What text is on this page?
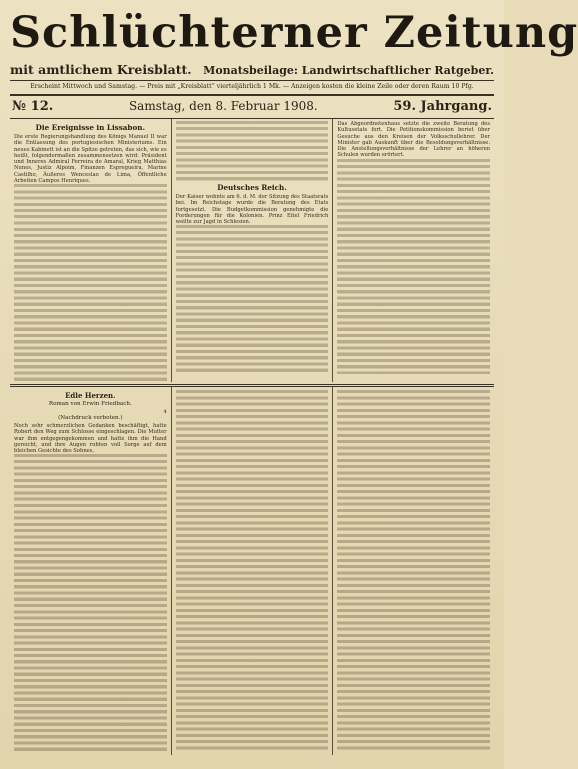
Schlüchterner Zeitung
mit amtlichem Kreisblatt. Monatsbeilage: Landwirtschaftlicher Ratgeber.
Erscheint Mittwoch und Samstag. — Preis mit „Kreisblatt“ vierteljährlich 1 Mk. — Anzeigen kosten die kleine Zeile oder deren Raum 10 Pfg.
№ 12.	Samstag, den 8. Februar 1908.	59. Jahrgang.
Die Ereignisse in Lissabon.

Die erste Regierungshandlung des Königs Manuel II war die Entlassung des portugiesischen Ministeriums. Ein neues Kabinett ist an die Spitze getreten, das sich, wie es heißt, folgendermaßen zusammensetzen wird: Präsident und Inneres Admiral Ferreira do Amaral, Krieg Matthias Nunes, Justiz Alpoim, Finanzen Espregueira, Marine Castilho, Äußeres Wenceslao de Lima, Öffentliche Arbeiten Campos Henriques.

Deutsches Reich.

Der Kaiser wohnte am 6. d. M. der Sitzung des Staatsrats bei. Im Reichstage wurde die Beratung des Etats fortgesetzt. Die Budgetkommission genehmigte die Forderungen für die Kolonien. Prinz Eitel Friedrich weilte zur Jagd in Schlesien.

Das Abgeordnetenhaus setzte die zweite Beratung des Kultusetats fort. Die Petitionskommission beriet über Gesuche aus den Kreisen der Volksschullehrer. Der Minister gab Auskunft über die Besoldungsverhältnisse. Die Anstellungsverhältnisse der Lehrer an höheren Schulen wurden erörtert.

Edle Herzen.
Roman von Erwin Friedbach.
4
(Nachdruck verboten.)

Noch sehr schmerzlichen Gedanken beschäftigt, hatte Robert den Weg zum Schlosse eingeschlagen. Die Mutter war ihm entgegengekommen und hatte ihm die Hand gereicht, und ihre Augen ruhten voll Sorge auf dem bleichen Gesichte des Sohnes.
